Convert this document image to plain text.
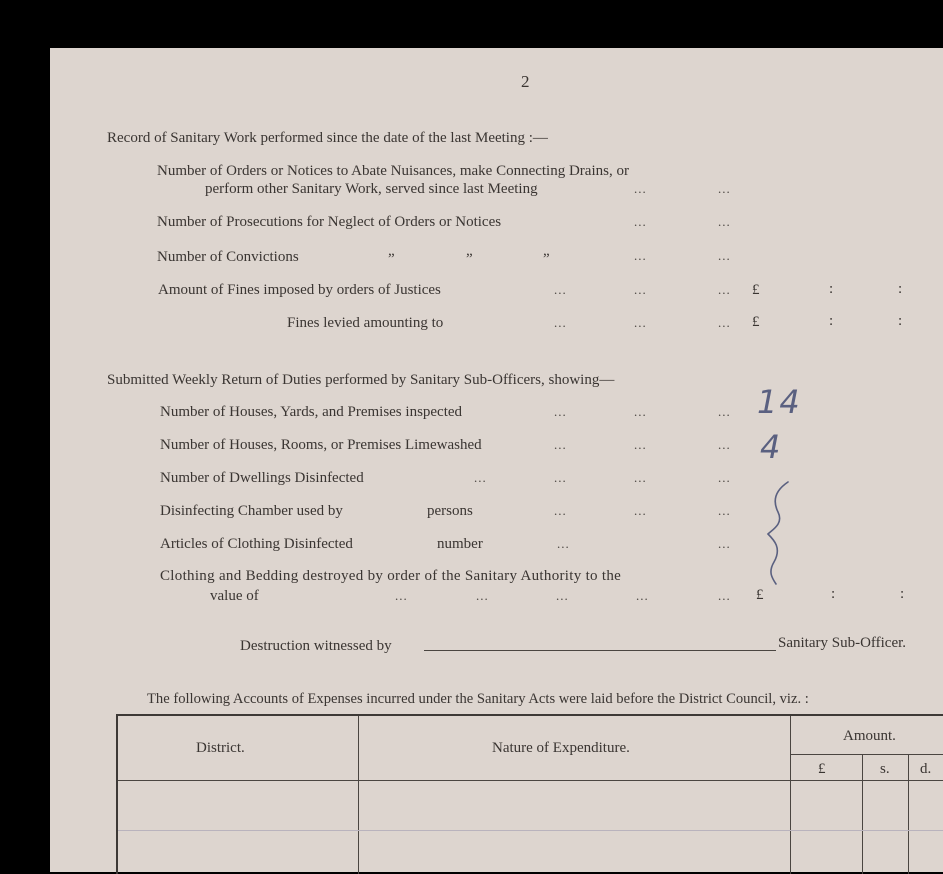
2
Record of Sanitary Work performed since the date of the last Meeting :—
Number of Orders or Notices to Abate Nuisances, make Connecting Drains, or
perform other Sanitary Work, served since last Meeting	...	...
Number of Prosecutions for Neglect of Orders or Notices	...	...
Number of Convictions	”	”	”	...	...
Amount of Fines imposed by orders of Justices	...	...	... £	:	:
Fines levied amounting to	...	...	... £	:	:
Submitted Weekly Return of Duties performed by Sanitary Sub-Officers, showing—
Number of Houses, Yards, and Premises inspected	...	...	... 14
Number of Houses, Rooms, or Premises Limewashed	...	...	... 4
Number of Dwellings Disinfected	...	...	...	...
Disinfecting Chamber used by	persons	...	...	...
Articles of Clothing Disinfected	number	...	...
Clothing and Bedding destroyed by order of the Sanitary Authority to the
value of	...	...	...	...	... £	:	:
Destruction witnessed by	Sanitary Sub-Officer.
The following Accounts of Expenses incurred under the Sanitary Acts were laid before the District Council, viz. :
District.	Nature of Expenditure.
Amount.
£	s. d.
